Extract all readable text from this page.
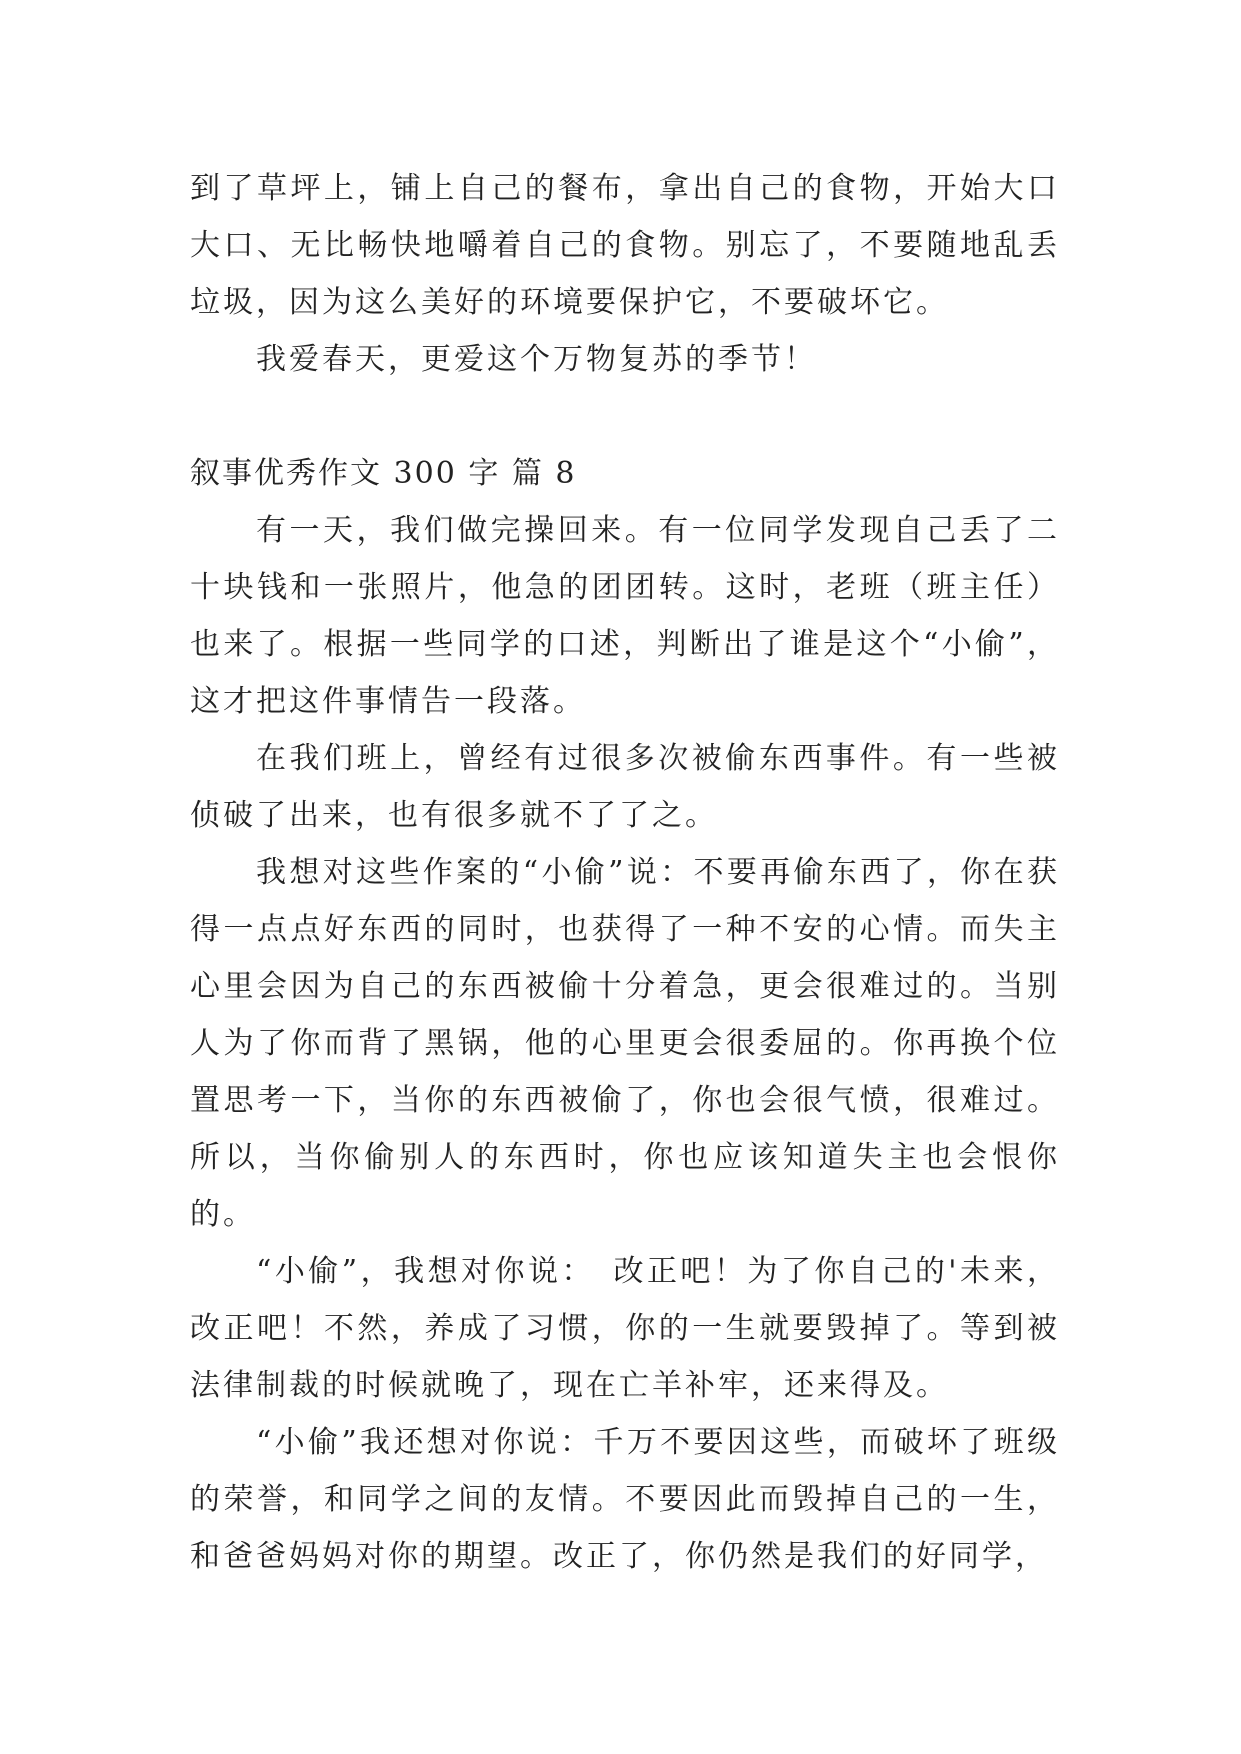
到了草坪上，铺上自己的餐布，拿出自己的食物，开始大口大口、无比畅快地嚼着自己的食物。别忘了，不要随地乱丢垃圾，因为这么美好的环境要保护它，不要破坏它。

我爱春天，更爱这个万物复苏的季节！

叙事优秀作文 300 字 篇 8

有一天，我们做完操回来。有一位同学发现自己丢了二十块钱和一张照片，他急的团团转。这时，老班（班主任）也来了。根据一些同学的口述，判断出了谁是这个“小偷”，这才把这件事情告一段落。

在我们班上，曾经有过很多次被偷东西事件。有一些被侦破了出来，也有很多就不了了之。

我想对这些作案的“小偷”说：不要再偷东西了，你在获得一点点好东西的同时，也获得了一种不安的心情。而失主心里会因为自己的东西被偷十分着急，更会很难过的。当别人为了你而背了黑锅，他的心里更会很委屈的。你再换个位置思考一下，当你的东西被偷了，你也会很气愤，很难过。所以，当你偷别人的东西时，你也应该知道失主也会恨你的。

“小偷”，我想对你说：　改正吧！为了你自己的'未来，改正吧！不然，养成了习惯，你的一生就要毁掉了。等到被法律制裁的时候就晚了，现在亡羊补牢，还来得及。

“小偷”我还想对你说：千万不要因这些，而破坏了班级的荣誉，和同学之间的友情。不要因此而毁掉自己的一生，和爸爸妈妈对你的期望。改正了，你仍然是我们的好同学，
